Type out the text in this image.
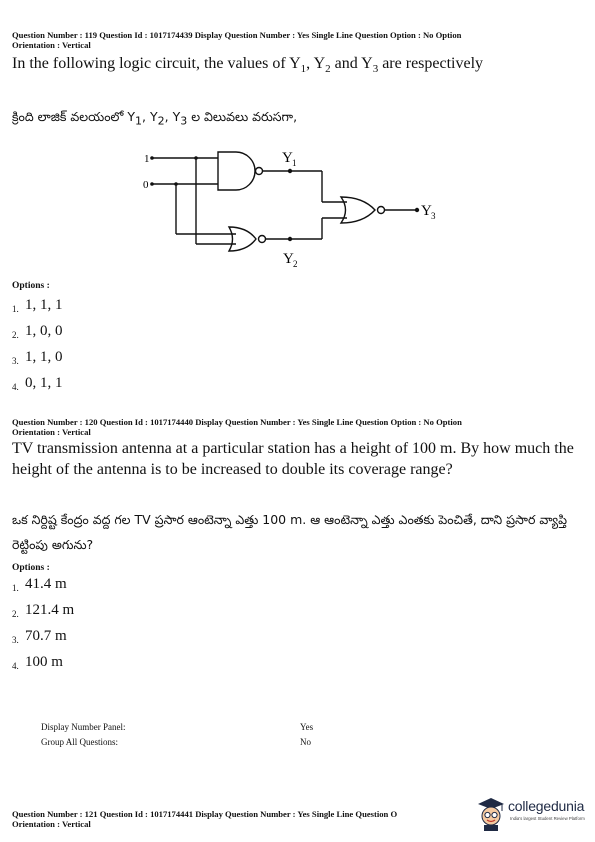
Question Number : 119 Question Id : 1017174439 Display Question Number : Yes Single Line Question Option : No Option
Orientation : Vertical
In the following logic circuit, the values of $Y_1$, $Y_2$ and $Y_3$ are respectively
క్రింది లాజిక్ వలయంలో $Y_1$, $Y_2$, $Y_3$ ల విలువలు వరుసగా,
1
0
Y 1
Y 2
Y 3
Options :
1. 1, 1, 1
2. 1, 0, 0
3. 1, 1, 0
4. 0, 1, 1
Question Number : 120 Question Id : 1017174440 Display Question Number : Yes Single Line Question Option : No Option
Orientation : Vertical
TV transmission antenna at a particular station has a height of 100 m. By how much the height of the antenna is to be increased to double its coverage range?
ఒక నిర్దిష్ట కేంద్రం వద్ద గల TV ప్రసార ఆంటెన్నా ఎత్తు 100 m. ఆ ఆంటెన్నా ఎత్తు ఎంతకు పెంచితే, దాని ప్రసార వ్యాప్తి రెట్టింపు అగును?
Options :
1. 41.4 m
2. 121.4 m
3. 70.7 m
4. 100 m
Display Number Panel:	Yes
Group All Questions:	No
Question Number : 121 Question Id : 1017174441 Display Question Number : Yes Single Line Question O
Orientation : Vertical
collegedunia
India's largest Student Review Platform
